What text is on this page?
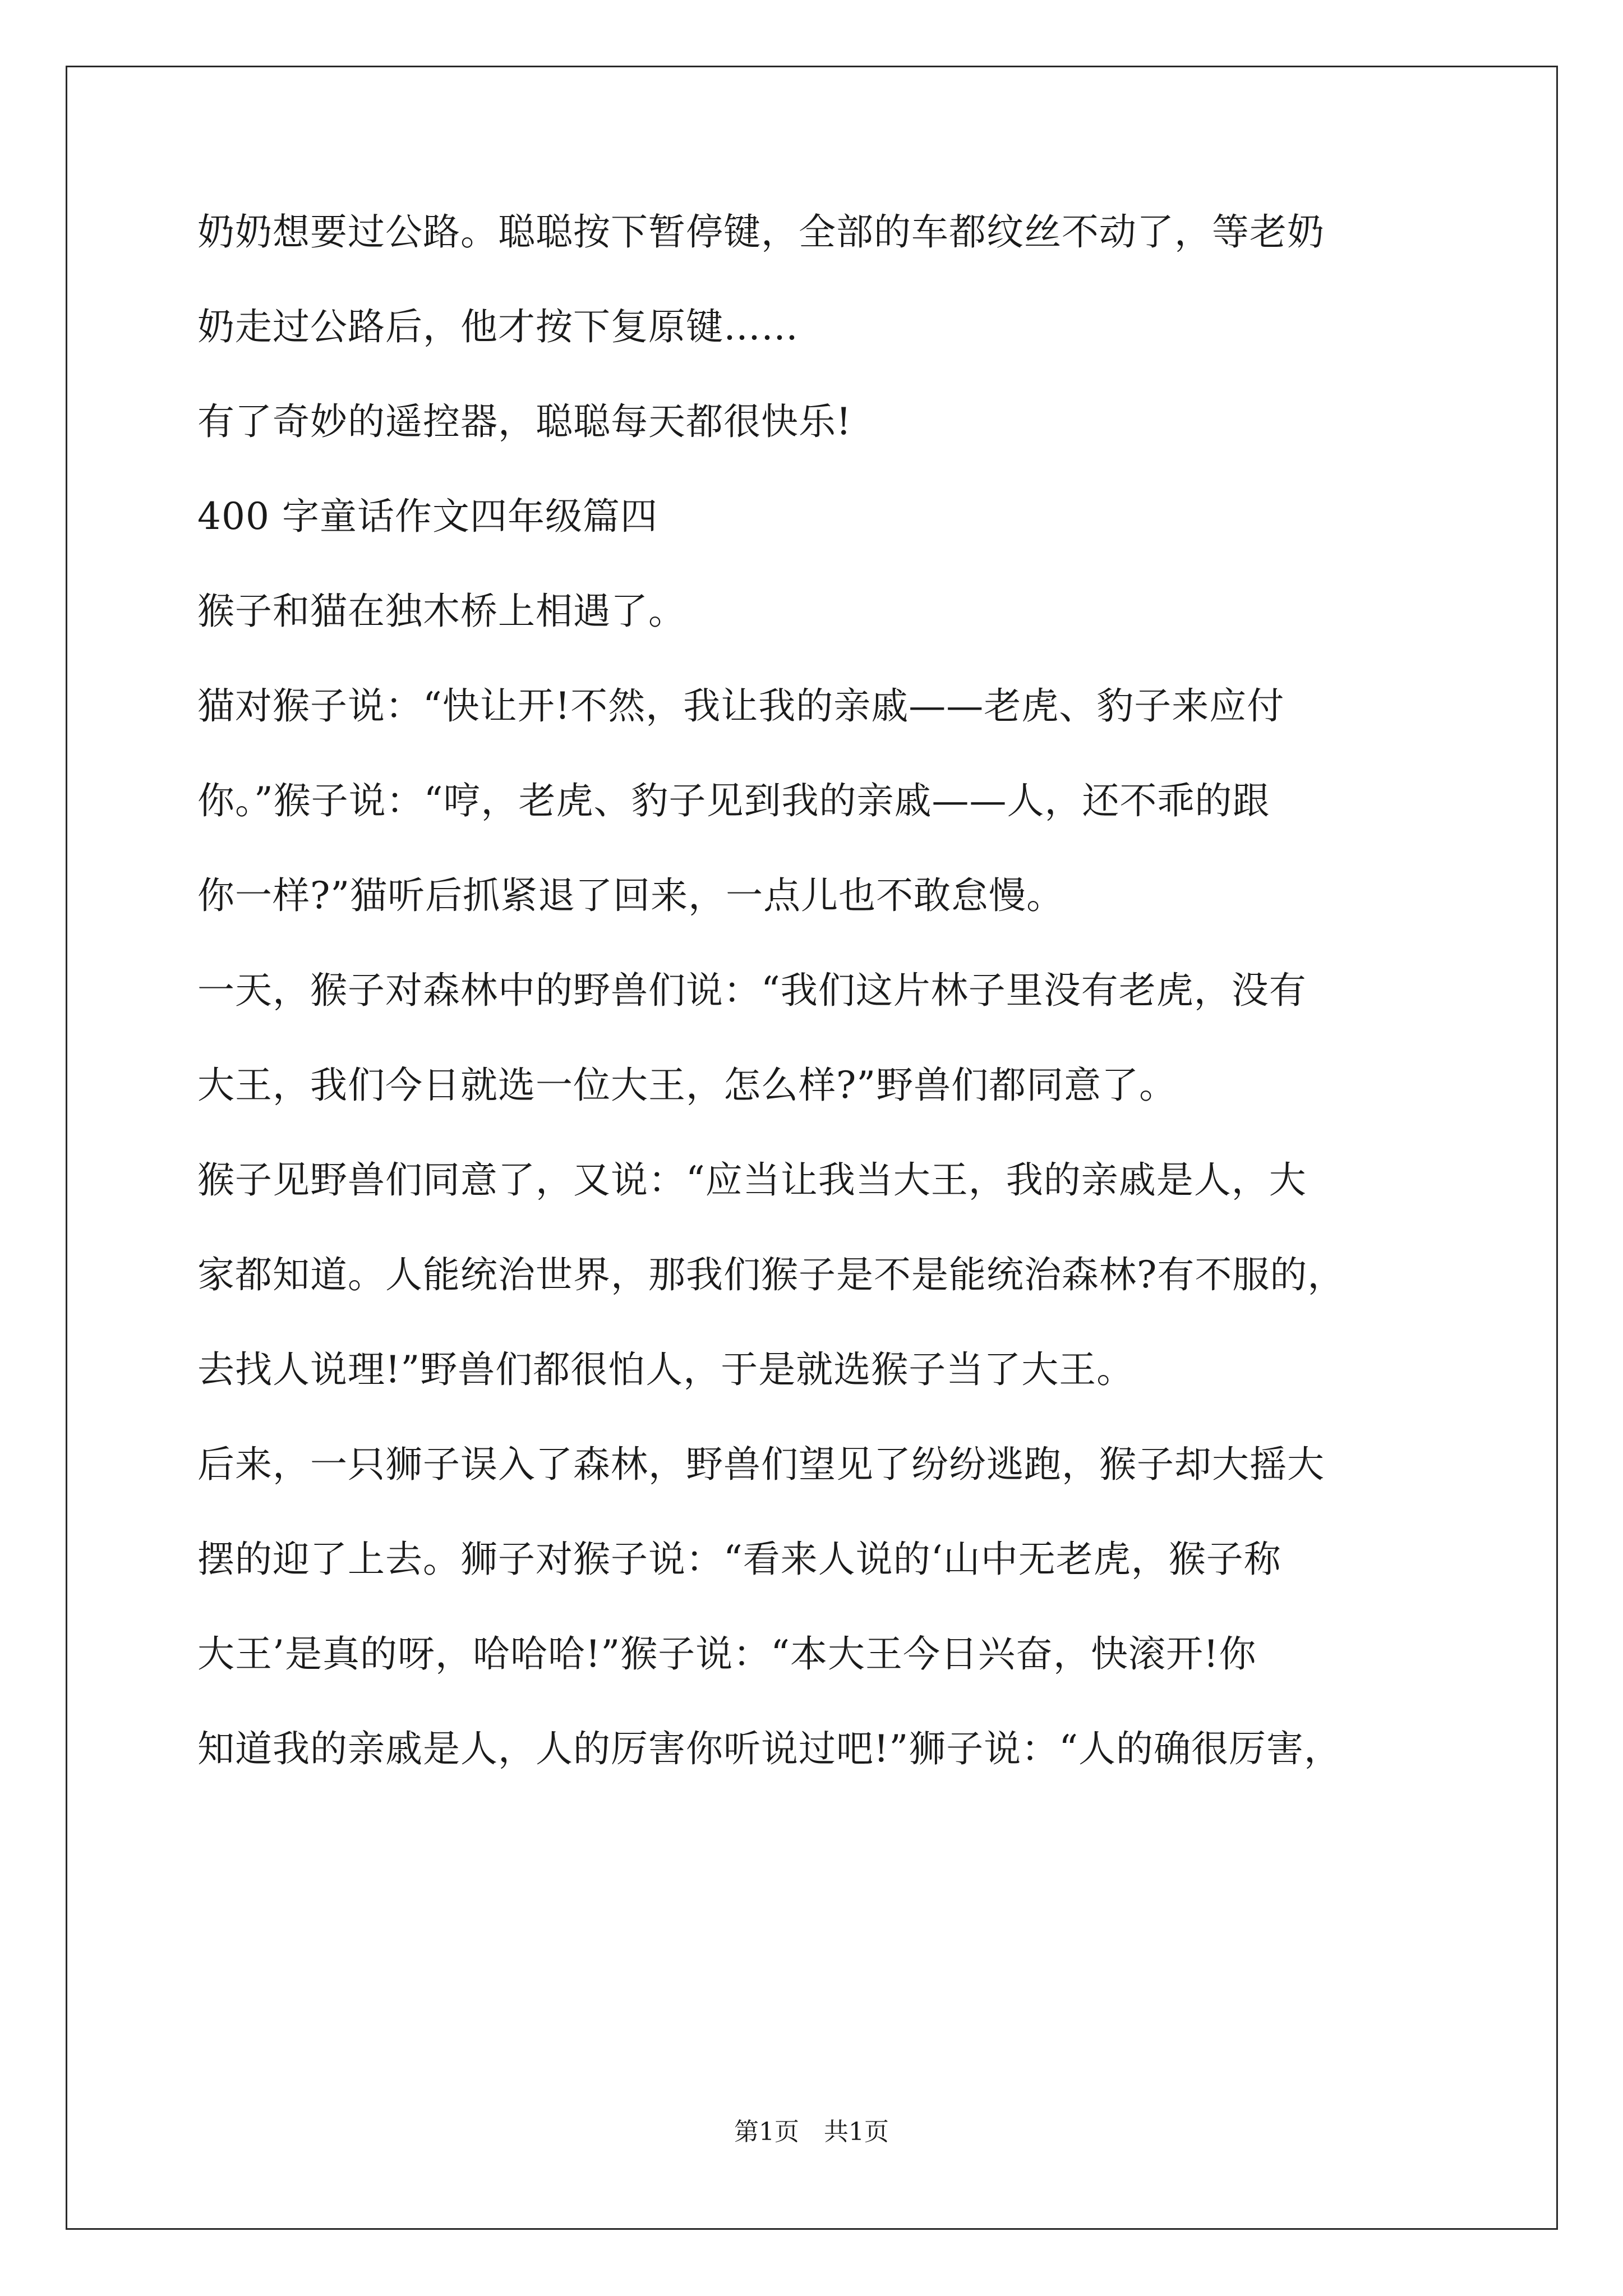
奶奶想要过公路。聪聪按下暂停键，全部的车都纹丝不动了，等老奶

奶走过公路后，他才按下复原键……

有了奇妙的遥控器，聪聪每天都很快乐!

400 字童话作文四年级篇四

猴子和猫在独木桥上相遇了。

猫对猴子说：“快让开!不然，我让我的亲戚——老虎、豹子来应付

你。”猴子说：“哼，老虎、豹子见到我的亲戚——人，还不乖的跟

你一样?”猫听后抓紧退了回来，一点儿也不敢怠慢。

一天，猴子对森林中的野兽们说：“我们这片林子里没有老虎，没有

大王，我们今日就选一位大王，怎么样?”野兽们都同意了。

猴子见野兽们同意了，又说：“应当让我当大王，我的亲戚是人，大

家都知道。人能统治世界，那我们猴子是不是能统治森林?有不服的，

去找人说理!”野兽们都很怕人，于是就选猴子当了大王。

后来，一只狮子误入了森林，野兽们望见了纷纷逃跑，猴子却大摇大

摆的迎了上去。狮子对猴子说：“看来人说的‘山中无老虎，猴子称

大王’是真的呀，哈哈哈!”猴子说：“本大王今日兴奋，快滚开!你

知道我的亲戚是人，人的厉害你听说过吧!”狮子说：“人的确很厉害，

第1页　共1页
